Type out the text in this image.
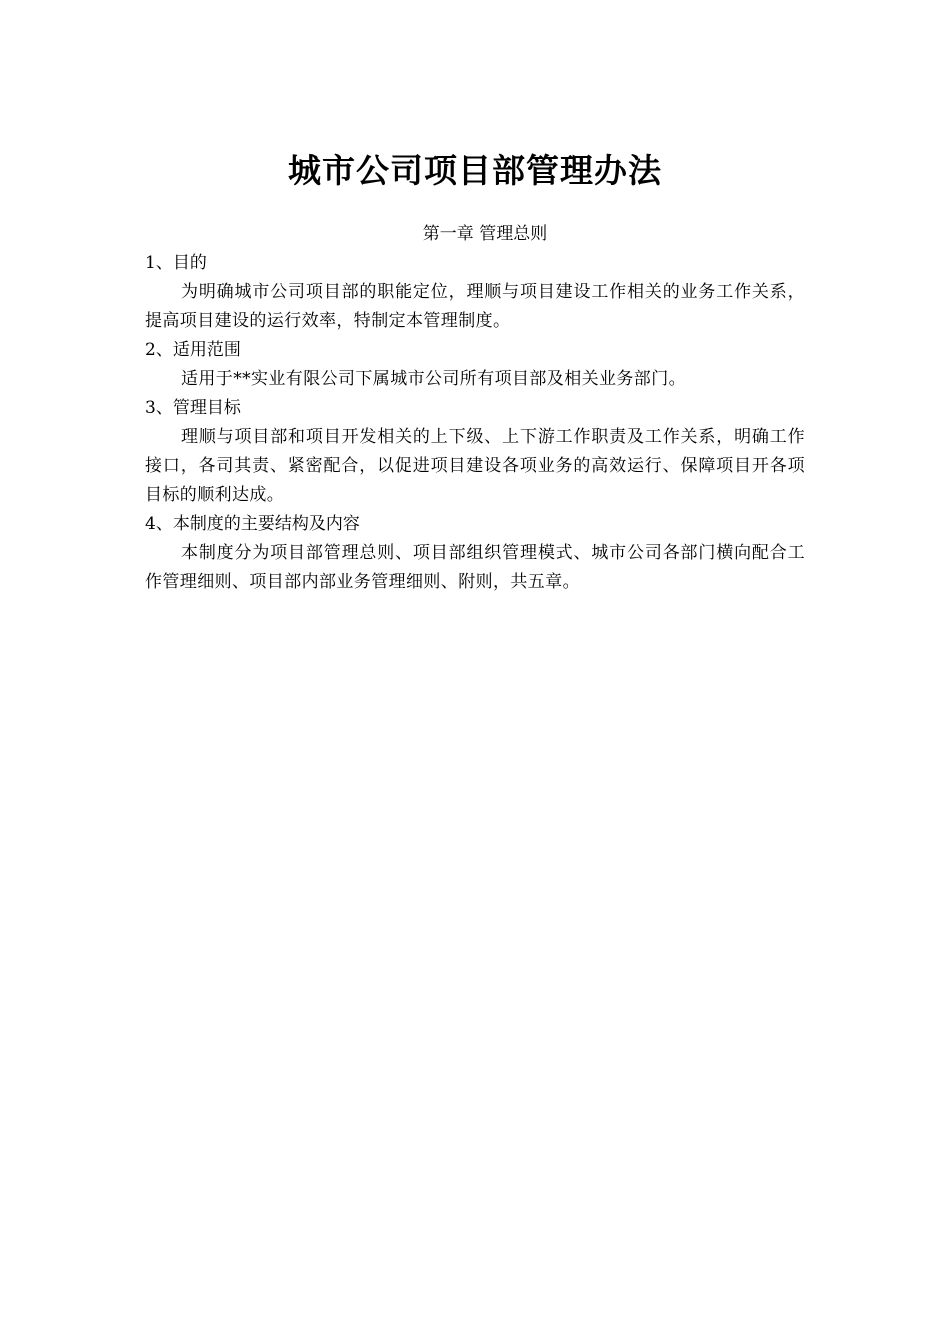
城市公司项目部管理办法

第一章 管理总则

1、目的

为明确城市公司项目部的职能定位，理顺与项目建设工作相关的业务工作关系，提高项目建设的运行效率，特制定本管理制度。

2、适用范围

适用于**实业有限公司下属城市公司所有项目部及相关业务部门。

3、管理目标

理顺与项目部和项目开发相关的上下级、上下游工作职责及工作关系，明确工作接口，各司其责、紧密配合，以促进项目建设各项业务的高效运行、保障项目开各项目标的顺利达成。

4、本制度的主要结构及内容

本制度分为项目部管理总则、项目部组织管理模式、城市公司各部门横向配合工作管理细则、项目部内部业务管理细则、附则，共五章。
